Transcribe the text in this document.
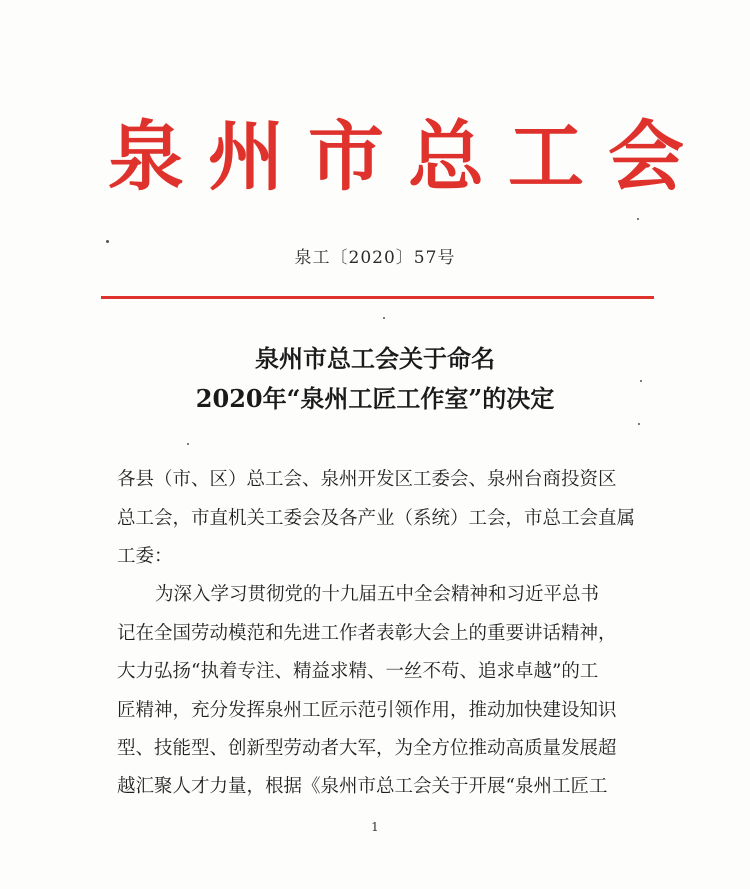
泉州市总工会
泉工〔2020〕57号
泉州市总工会关于命名
2020年“泉州工匠工作室”的决定
各县（市、区）总工会、泉州开发区工委会、泉州台商投资区
总工会，市直机关工委会及各产业（系统）工会，市总工会直属
工委：
为深入学习贯彻党的十九届五中全会精神和习近平总书
记在全国劳动模范和先进工作者表彰大会上的重要讲话精神，
大力弘扬“执着专注、精益求精、一丝不苟、追求卓越”的工
匠精神，充分发挥泉州工匠示范引领作用，推动加快建设知识
型、技能型、创新型劳动者大军，为全方位推动高质量发展超
越汇聚人才力量，根据《泉州市总工会关于开展“泉州工匠工
1
